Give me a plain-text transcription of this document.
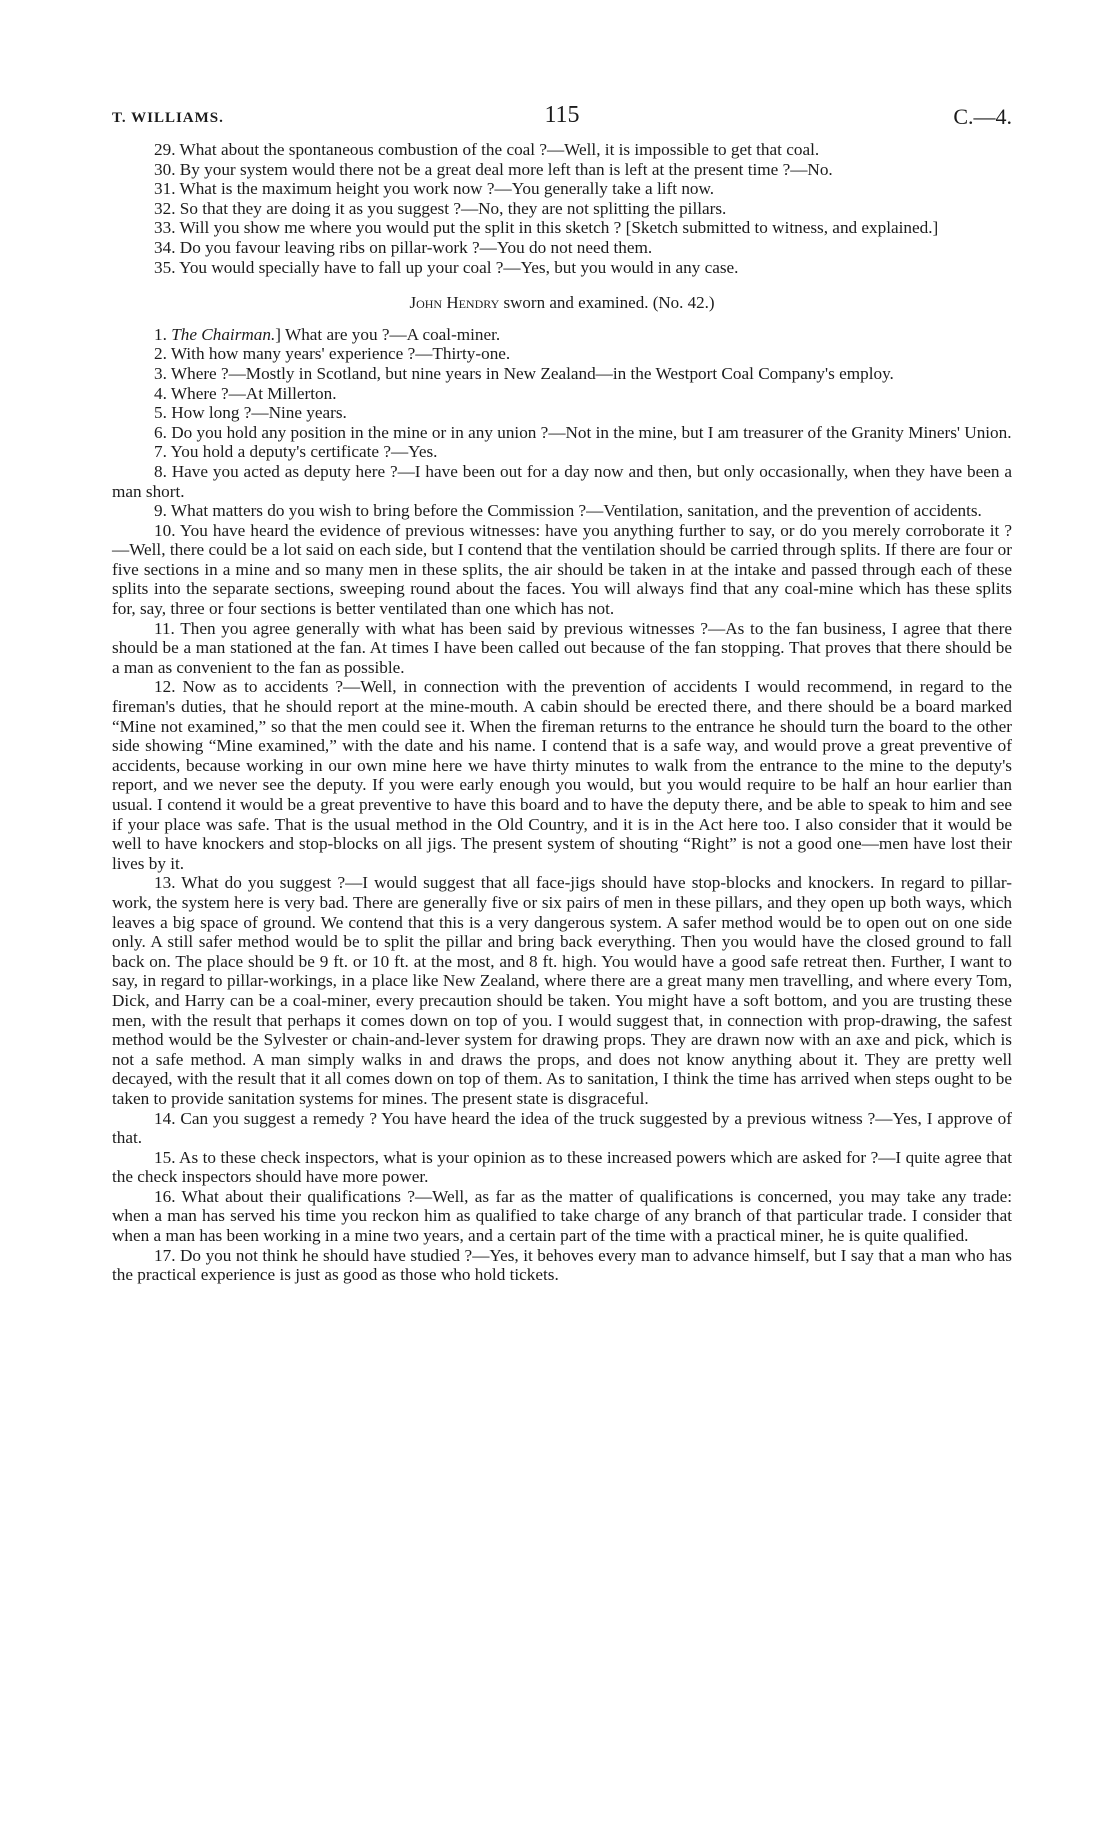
T. WILLIAMS.	115	C.—4.

29. What about the spontaneous combustion of the coal ?—Well, it is impossible to get that coal.

30. By your system would there not be a great deal more left than is left at the present time ?—No.

31. What is the maximum height you work now ?—You generally take a lift now.

32. So that they are doing it as you suggest ?—No, they are not splitting the pillars.

33. Will you show me where you would put the split in this sketch ? [Sketch submitted to witness, and explained.]

34. Do you favour leaving ribs on pillar-work ?—You do not need them.

35. You would specially have to fall up your coal ?—Yes, but you would in any case.

John Hendry sworn and examined. (No. 42.)

1. The Chairman.] What are you ?—A coal-miner.

2. With how many years' experience ?—Thirty-one.

3. Where ?—Mostly in Scotland, but nine years in New Zealand—in the Westport Coal Company's employ.

4. Where ?—At Millerton.

5. How long ?—Nine years.

6. Do you hold any position in the mine or in any union ?—Not in the mine, but I am treasurer of the Granity Miners' Union.

7. You hold a deputy's certificate ?—Yes.

8. Have you acted as deputy here ?—I have been out for a day now and then, but only occasionally, when they have been a man short.

9. What matters do you wish to bring before the Commission ?—Ventilation, sanitation, and the prevention of accidents.

10. You have heard the evidence of previous witnesses: have you anything further to say, or do you merely corroborate it ?—Well, there could be a lot said on each side, but I contend that the ventilation should be carried through splits. If there are four or five sections in a mine and so many men in these splits, the air should be taken in at the intake and passed through each of these splits into the separate sections, sweeping round about the faces. You will always find that any coal-mine which has these splits for, say, three or four sections is better ventilated than one which has not.

11. Then you agree generally with what has been said by previous witnesses ?—As to the fan business, I agree that there should be a man stationed at the fan. At times I have been called out because of the fan stopping. That proves that there should be a man as convenient to the fan as possible.

12. Now as to accidents ?—Well, in connection with the prevention of accidents I would recommend, in regard to the fireman's duties, that he should report at the mine-mouth. A cabin should be erected there, and there should be a board marked “Mine not examined,” so that the men could see it. When the fireman returns to the entrance he should turn the board to the other side showing “Mine examined,” with the date and his name. I contend that is a safe way, and would prove a great preventive of accidents, because working in our own mine here we have thirty minutes to walk from the entrance to the mine to the deputy's report, and we never see the deputy. If you were early enough you would, but you would require to be half an hour earlier than usual. I contend it would be a great preventive to have this board and to have the deputy there, and be able to speak to him and see if your place was safe. That is the usual method in the Old Country, and it is in the Act here too. I also consider that it would be well to have knockers and stop-blocks on all jigs. The present system of shouting “Right” is not a good one—men have lost their lives by it.

13. What do you suggest ?—I would suggest that all face-jigs should have stop-blocks and knockers. In regard to pillar-work, the system here is very bad. There are generally five or six pairs of men in these pillars, and they open up both ways, which leaves a big space of ground. We contend that this is a very dangerous system. A safer method would be to open out on one side only. A still safer method would be to split the pillar and bring back everything. Then you would have the closed ground to fall back on. The place should be 9 ft. or 10 ft. at the most, and 8 ft. high. You would have a good safe retreat then. Further, I want to say, in regard to pillar-workings, in a place like New Zealand, where there are a great many men travelling, and where every Tom, Dick, and Harry can be a coal-miner, every precaution should be taken. You might have a soft bottom, and you are trusting these men, with the result that perhaps it comes down on top of you. I would suggest that, in connection with prop-drawing, the safest method would be the Sylvester or chain-and-lever system for drawing props. They are drawn now with an axe and pick, which is not a safe method. A man simply walks in and draws the props, and does not know anything about it. They are pretty well decayed, with the result that it all comes down on top of them. As to sanitation, I think the time has arrived when steps ought to be taken to provide sanitation systems for mines. The present state is disgraceful.

14. Can you suggest a remedy ? You have heard the idea of the truck suggested by a previous witness ?—Yes, I approve of that.

15. As to these check inspectors, what is your opinion as to these increased powers which are asked for ?—I quite agree that the check inspectors should have more power.

16. What about their qualifications ?—Well, as far as the matter of qualifications is concerned, you may take any trade: when a man has served his time you reckon him as qualified to take charge of any branch of that particular trade. I consider that when a man has been working in a mine two years, and a certain part of the time with a practical miner, he is quite qualified.

17. Do you not think he should have studied ?—Yes, it behoves every man to advance himself, but I say that a man who has the practical experience is just as good as those who hold tickets.
